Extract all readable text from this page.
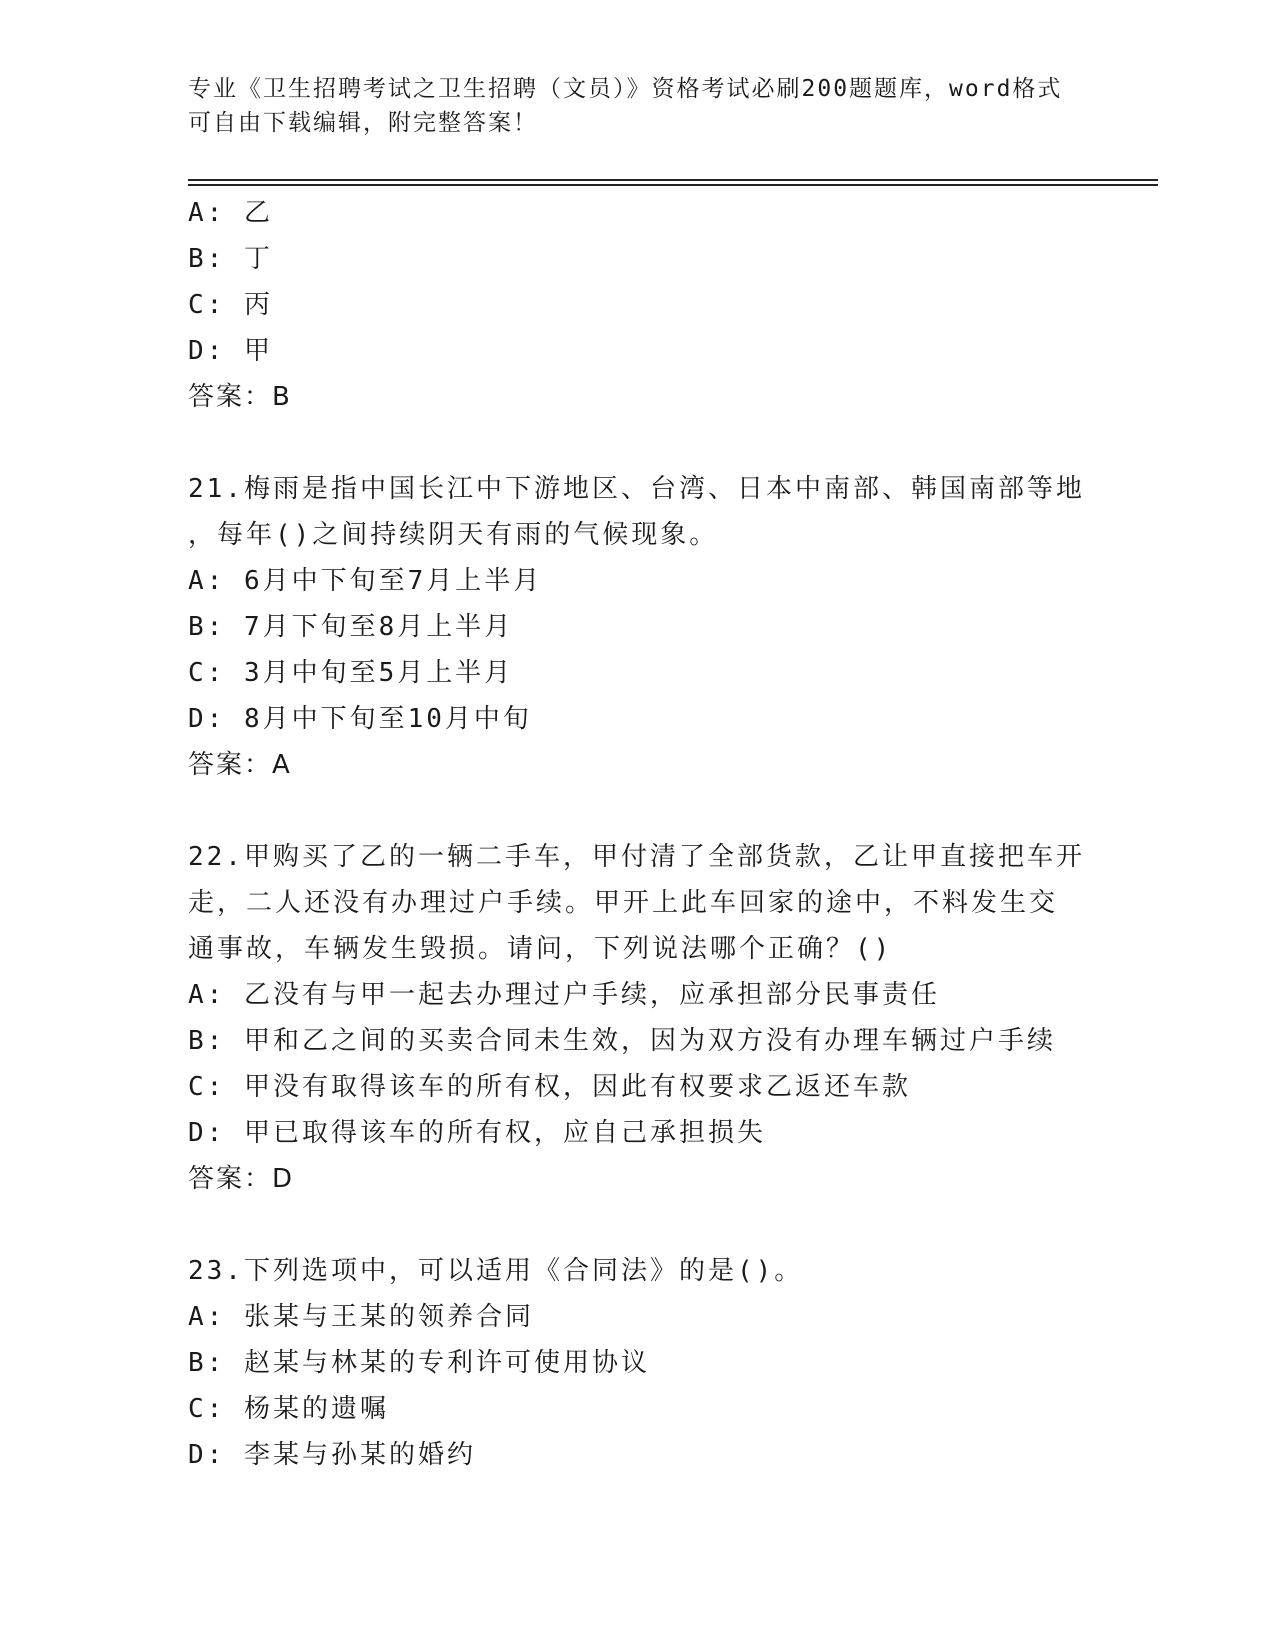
专业《卫生招聘考试之卫生招聘（文员）》资格考试必刷200题题库，word格式
可自由下载编辑，附完整答案！
A: 乙
B: 丁
C: 丙
D: 甲
答案：B
21.梅雨是指中国长江中下游地区、台湾、日本中南部、韩国南部等地
，每年()之间持续阴天有雨的气候现象。
A: 6月中下旬至7月上半月
B: 7月下旬至8月上半月
C: 3月中旬至5月上半月
D: 8月中下旬至10月中旬
答案：A
22.甲购买了乙的一辆二手车，甲付清了全部货款，乙让甲直接把车开
走，二人还没有办理过户手续。甲开上此车回家的途中，不料发生交
通事故，车辆发生毁损。请问，下列说法哪个正确？()
A: 乙没有与甲一起去办理过户手续，应承担部分民事责任
B: 甲和乙之间的买卖合同未生效，因为双方没有办理车辆过户手续
C: 甲没有取得该车的所有权，因此有权要求乙返还车款
D: 甲已取得该车的所有权，应自己承担损失
答案：D
23.下列选项中，可以适用《合同法》的是()。
A: 张某与王某的领养合同
B: 赵某与林某的专利许可使用协议
C: 杨某的遗嘱
D: 李某与孙某的婚约
